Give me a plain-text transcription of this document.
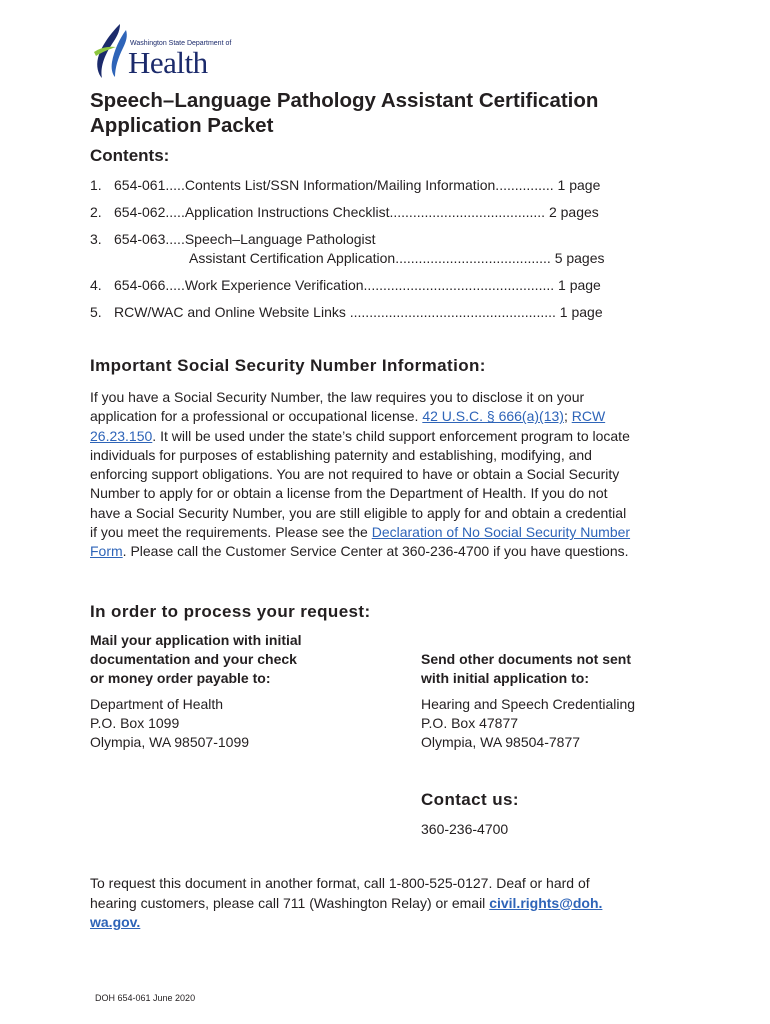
Washington State Department of
Health
Speech–Language Pathology Assistant Certification
Application Packet
Contents:
1. 654-061.....Contents List/SSN Information/Mailing Information............... 1 page
2. 654-062.....Application Instructions Checklist........................................ 2 pages
3. 654-063.....Speech–Language Pathologist
Assistant Certification Application........................................ 5 pages
4. 654-066.....Work Experience Verification................................................. 1 page
5. RCW/WAC and Online Website Links ..................................................... 1 page
Important Social Security Number Information:
If you have a Social Security Number, the law requires you to disclose it on your
application for a professional or occupational license. 42 U.S.C. § 666(a)(13); RCW
26.23.150. It will be used under the state’s child support enforcement program to locate
individuals for purposes of establishing paternity and establishing, modifying, and
enforcing support obligations. You are not required to have or obtain a Social Security
Number to apply for or obtain a license from the Department of Health. If you do not
have a Social Security Number, you are still eligible to apply for and obtain a credential
if you meet the requirements. Please see the Declaration of No Social Security Number
Form. Please call the Customer Service Center at 360-236-4700 if you have questions.
In order to process your request:
Mail your application with initial
documentation and your check
or money order payable to:
Department of Health
P.O. Box 1099
Olympia, WA 98507-1099
Send other documents not sent
with initial application to:
Hearing and Speech Credentialing
P.O. Box 47877
Olympia, WA 98504-7877
Contact us:
360-236-4700
To request this document in another format, call 1-800-525-0127. Deaf or hard of
hearing customers, please call 711 (Washington Relay) or email civil.rights@doh.
wa.gov.
DOH 654-061 June 2020
